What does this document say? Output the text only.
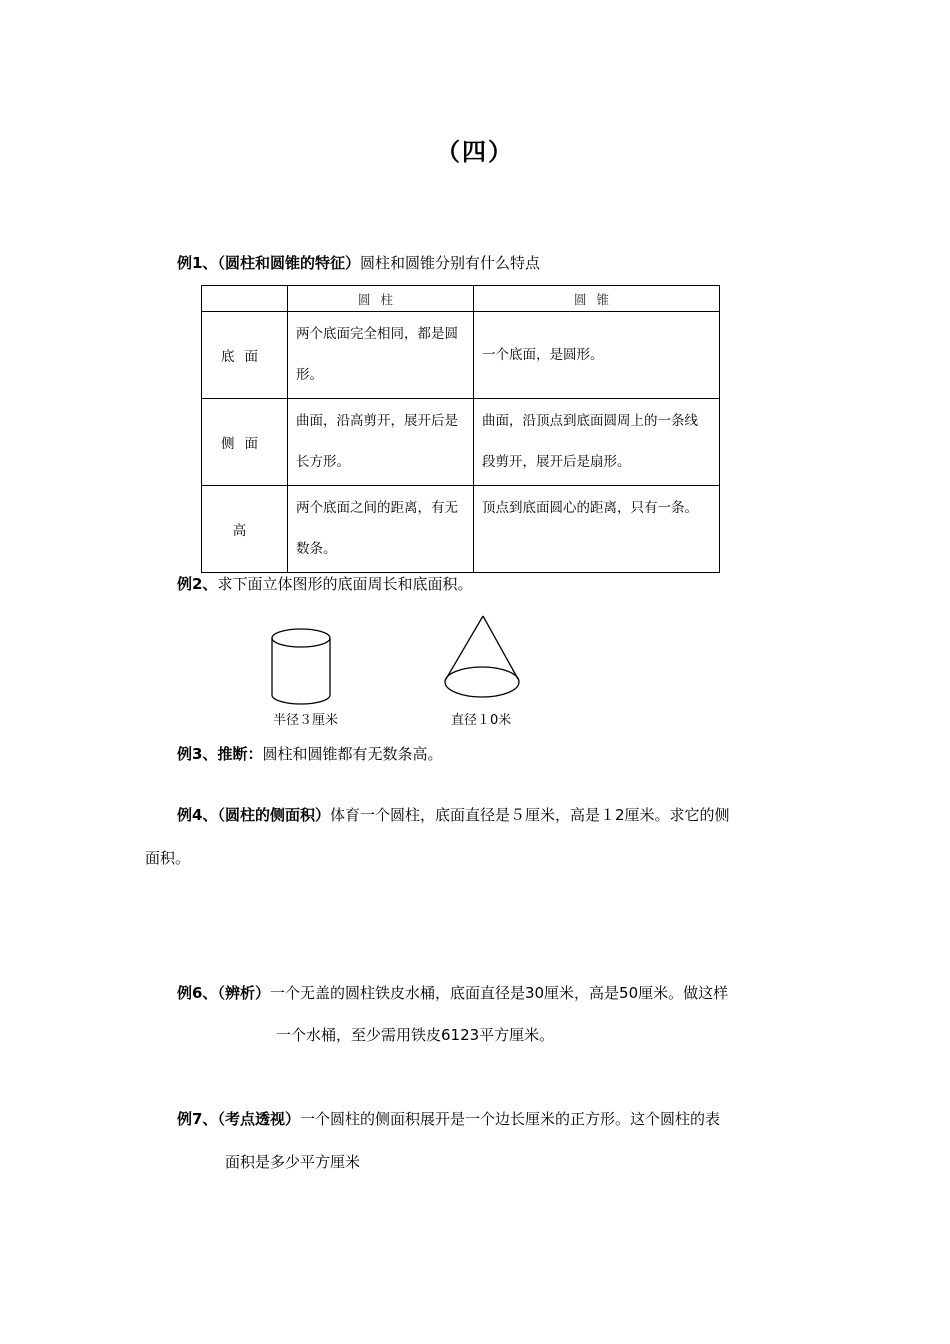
（四）
例1、（圆柱和圆锥的特征）圆柱和圆锥分别有什么特点
	圆柱	圆锥
底面	两个底面完全相同，都是圆形。	一个底面，是圆形。
侧面	曲面，沿高剪开，展开后是长方形。	曲面，沿顶点到底面圆周上的一条线段剪开，展开后是扇形。
高	两个底面之间的距离，有无数条。	顶点到底面圆心的距离，只有一条。
例2、求下面立体图形的底面周长和底面积。
半径３厘米	直径１0米
例3、推断：圆柱和圆锥都有无数条高。
例4、（圆柱的侧面积）体育一个圆柱，底面直径是５厘米，高是１2厘米。求它的侧
面积。
例6、（辨析）一个无盖的圆柱铁皮水桶，底面直径是30厘米，高是50厘米。做这样
一个水桶，至少需用铁皮6123平方厘米。
例7、（考点透视）一个圆柱的侧面积展开是一个边长厘米的正方形。这个圆柱的表
面积是多少平方厘米
